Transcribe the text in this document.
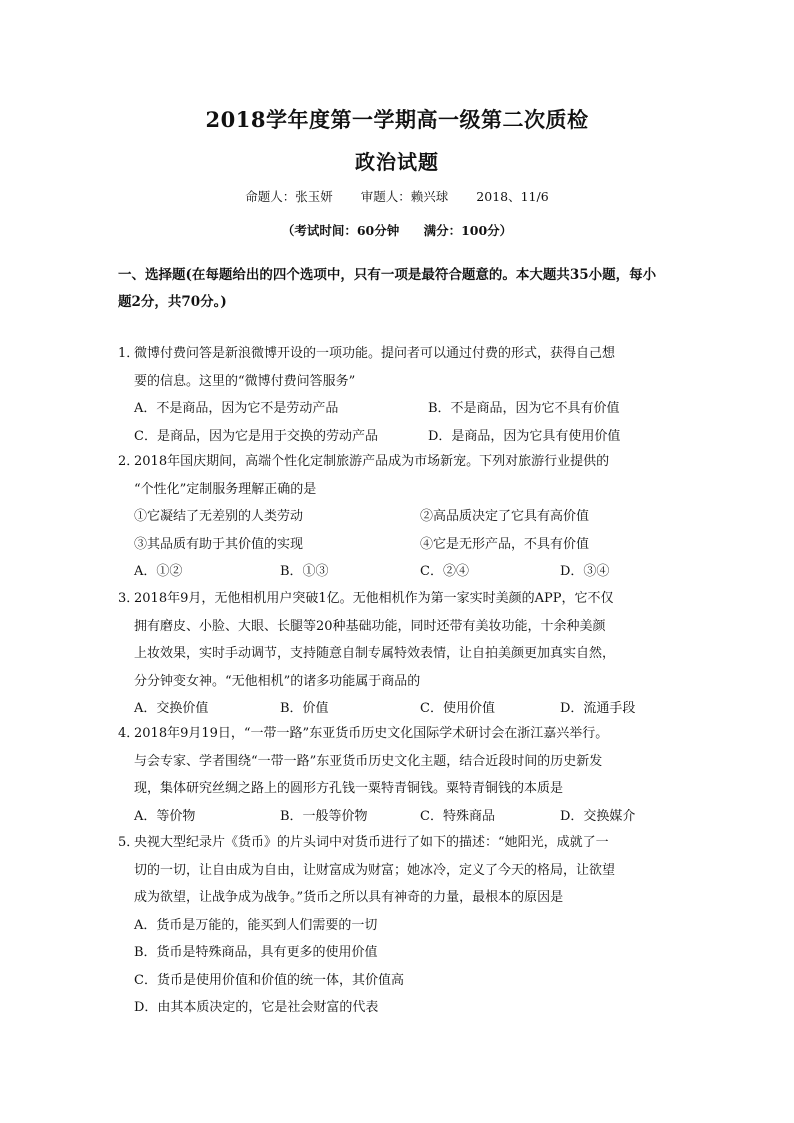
2018学年度第一学期高一级第二次质检
政治试题
命题人：张玉妍 审题人：赖兴球 2018、11/6
（考试时间：60分钟 满分：100分）
一、选择题(在每题给出的四个选项中，只有一项是最符合题意的。本大题共35小题，每小
题2分，共70分。)
1．微博付费问答是新浪微博开设的一项功能。提问者可以通过付费的形式，获得自己想
要的信息。这里的“微博付费问答服务”
A．不是商品，因为它不是劳动产品	B．不是商品，因为它不具有价值
C．是商品，因为它是用于交换的劳动产品	D．是商品，因为它具有使用价值
2．2018年国庆期间，高端个性化定制旅游产品成为市场新宠。下列对旅游行业提供的
“个性化”定制服务理解正确的是
①它凝结了无差别的人类劳动	②高品质决定了它具有高价值
③其品质有助于其价值的实现	④它是无形产品，不具有价值
A．①②	B．①③	C．②④	D．③④
3．2018年9月，无他相机用户突破1亿。无他相机作为第一家实时美颜的APP，它不仅
拥有磨皮、小脸、大眼、长腿等20种基础功能，同时还带有美妆功能，十余种美颜
上妆效果，实时手动调节，支持随意自制专属特效表情，让自拍美颜更加真实自然，
分分钟变女神。“无他相机”的诸多功能属于商品的
A．交换价值	B．价值	C．使用价值	D．流通手段
4．2018年9月19日，“一带一路”东亚货币历史文化国际学术研讨会在浙江嘉兴举行。
与会专家、学者围绕“一带一路”东亚货币历史文化主题，结合近段时间的历史新发
现，集体研究丝绸之路上的圆形方孔钱一粟特青铜钱。粟特青铜钱的本质是
A．等价物	B．一般等价物	C．特殊商品	D．交换媒介
5．央视大型纪录片《货币》的片头词中对货币进行了如下的描述：“她阳光，成就了一
切的一切，让自由成为自由，让财富成为财富；她冰冷，定义了今天的格局，让欲望
成为欲望，让战争成为战争。”货币之所以具有神奇的力量，最根本的原因是
A．货币是万能的，能买到人们需要的一切
B．货币是特殊商品，具有更多的使用价值
C．货币是使用价值和价值的统一体，其价值高
D．由其本质决定的，它是社会财富的代表
